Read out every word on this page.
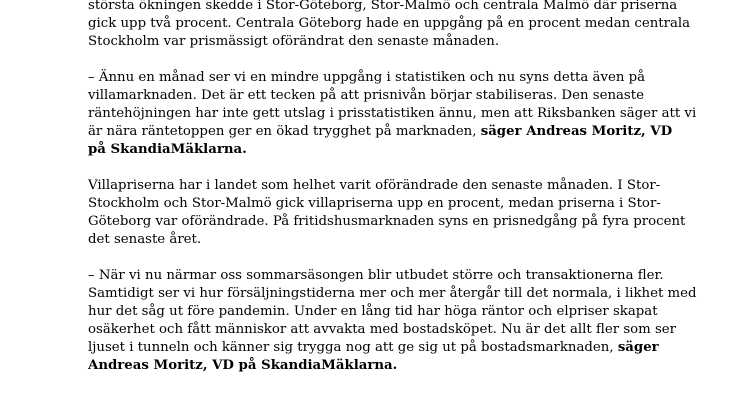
största ökningen skedde i Stor-Göteborg, Stor-Malmö och centrala Malmö där priserna
gick upp två procent. Centrala Göteborg hade en uppgång på en procent medan centrala
Stockholm var prismässigt oförändrat den senaste månaden.

– Ännu en månad ser vi en mindre uppgång i statistiken och nu syns detta även på
villamarknaden. Det är ett tecken på att prisnivån börjar stabiliseras. Den senaste
räntehöjningen har inte gett utslag i prisstatistiken ännu, men att Riksbanken säger att vi
är nära räntetoppen ger en ökad trygghet på marknaden, säger Andreas Moritz, VD
på SkandiaMäklarna.

Villapriserna har i landet som helhet varit oförändrade den senaste månaden. I Stor-
Stockholm och Stor-Malmö gick villapriserna upp en procent, medan priserna i Stor-
Göteborg var oförändrade. På fritidshusmarknaden syns en prisnedgång på fyra procent
det senaste året.

– När vi nu närmar oss sommarsäsongen blir utbudet större och transaktionerna fler.
Samtidigt ser vi hur försäljningstiderna mer och mer återgår till det normala, i likhet med
hur det såg ut före pandemin. Under en lång tid har höga räntor och elpriser skapat
osäkerhet och fått människor att avvakta med bostadsköpet. Nu är det allt fler som ser
ljuset i tunneln och känner sig trygga nog att ge sig ut på bostadsmarknaden, säger
Andreas Moritz, VD på SkandiaMäklarna.
